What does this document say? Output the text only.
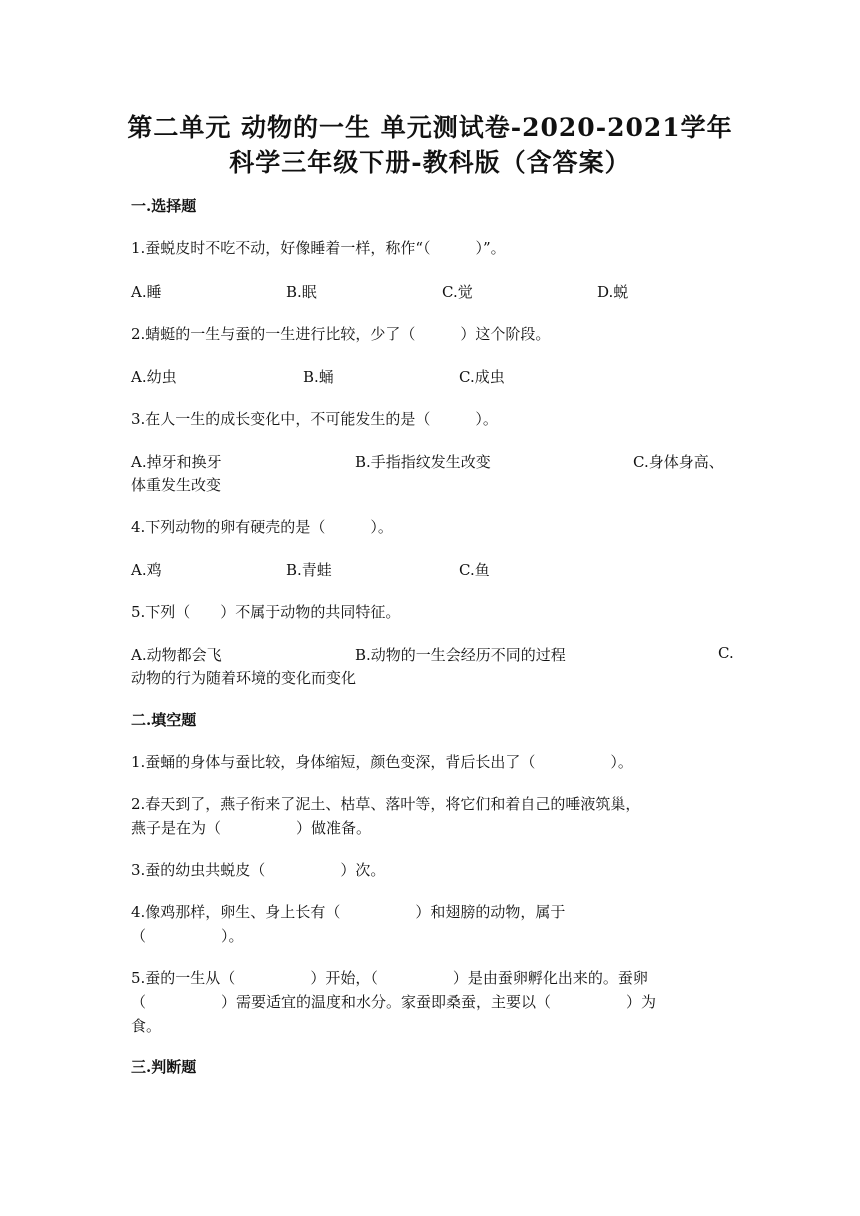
第二单元 动物的一生 单元测试卷-2020-2021学年
科学三年级下册-教科版（含答案）
一.选择题
1.蚕蜕皮时不吃不动，好像睡着一样，称作“（　　　）”。
A.睡	B.眠	C.觉	D.蜕
2.蜻蜓的一生与蚕的一生进行比较，少了（　　　）这个阶段。
A.幼虫	B.蛹	C.成虫
3.在人一生的成长变化中，不可能发生的是（　　　）。
A.掉牙和换牙	B.手指指纹发生改变	C.身体身高、
体重发生改变
4.下列动物的卵有硬壳的是（　　　）。
A.鸡	B.青蛙	C.鱼
5.下列（　　）不属于动物的共同特征。
A.动物都会飞	B.动物的一生会经历不同的过程	C.
动物的行为随着环境的变化而变化
二.填空题
1.蚕蛹的身体与蚕比较，身体缩短，颜色变深，背后长出了（　　　　　）。
2.春天到了，燕子衔来了泥土、枯草、落叶等，将它们和着自己的唾液筑巢，
燕子是在为（　　　　　）做准备。
3.蚕的幼虫共蜕皮（　　　　　）次。
4.像鸡那样，卵生、身上长有（　　　　　）和翅膀的动物，属于
（　　　　　）。
5.蚕的一生从（　　　　　）开始，（　　　　　）是由蚕卵孵化出来的。蚕卵
（　　　　　）需要适宜的温度和水分。家蚕即桑蚕，主要以（　　　　　）为
食。
三.判断题
